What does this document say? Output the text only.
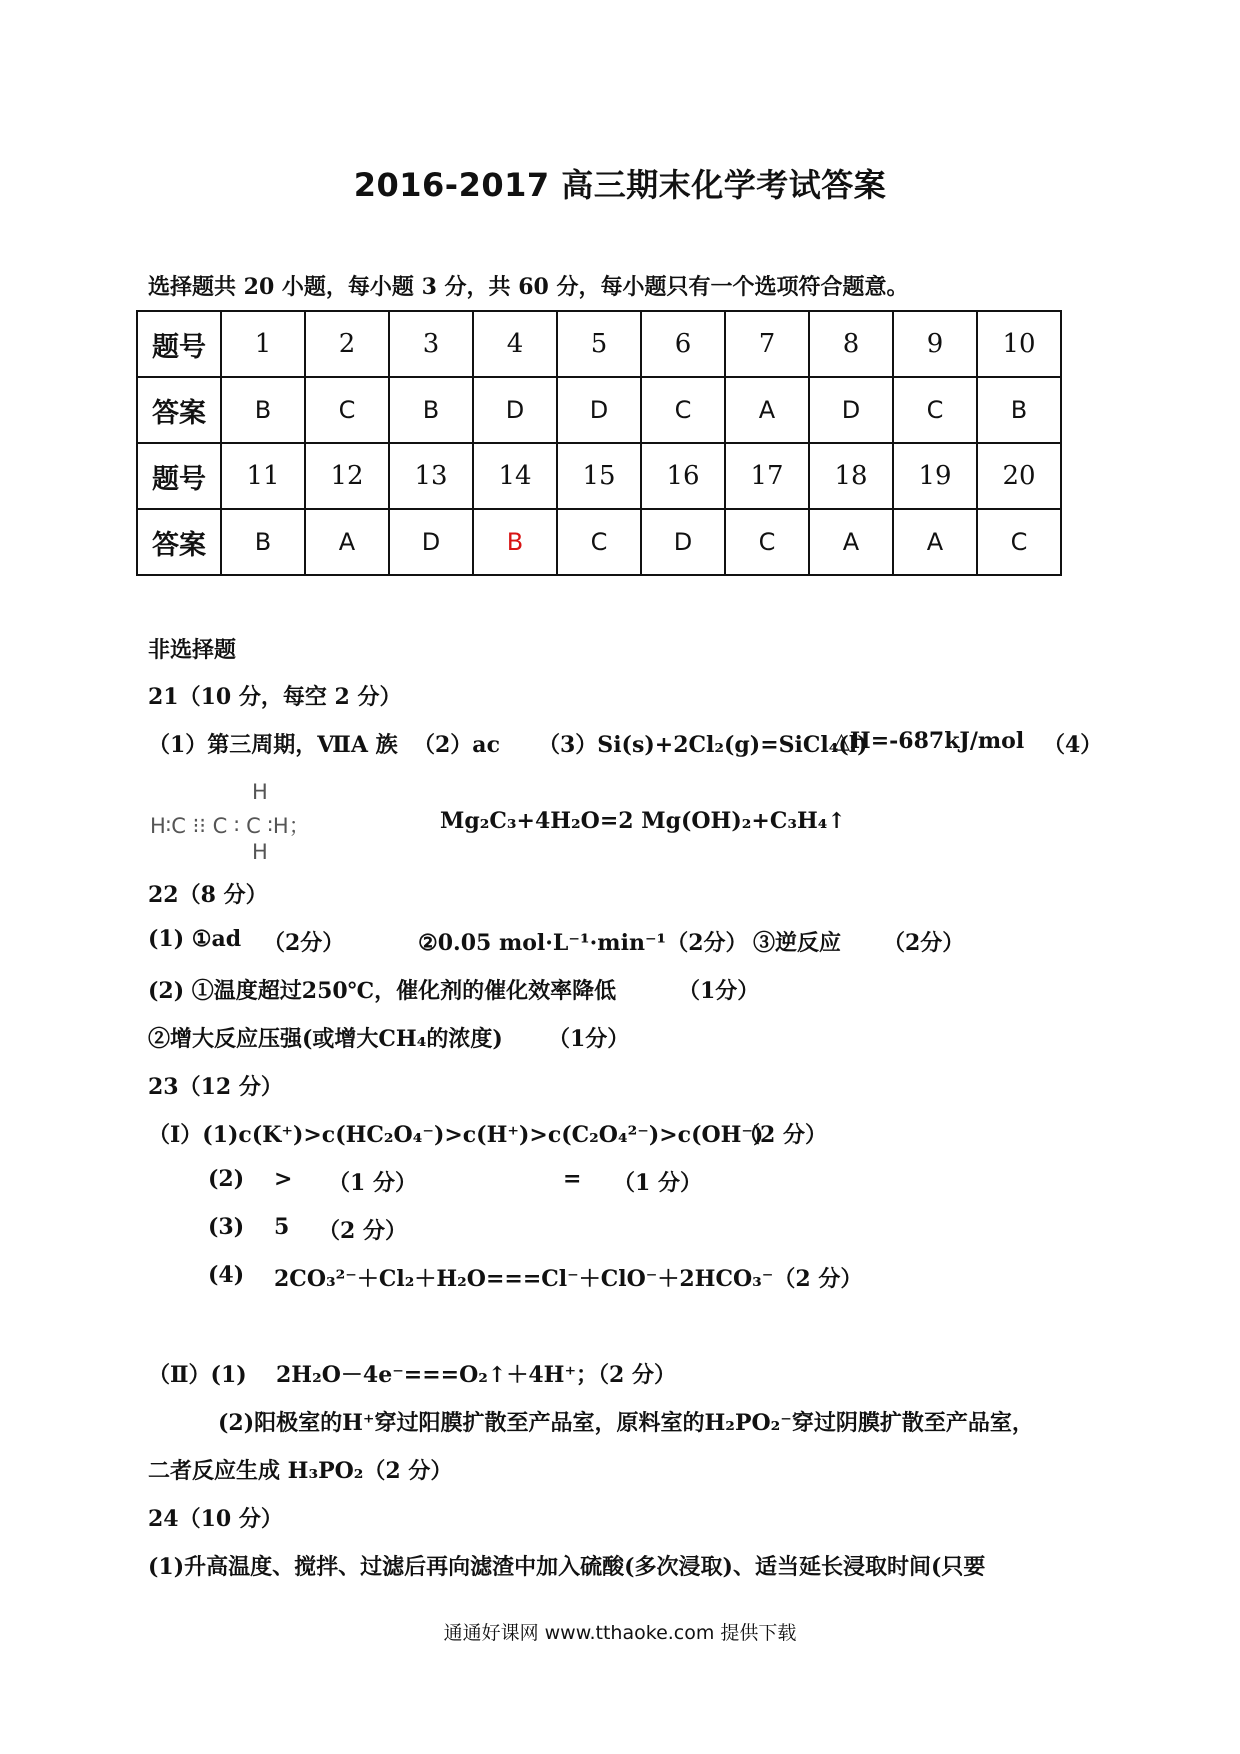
2016-2017 高三期末化学考试答案
选择题共 20 小题，每小题 3 分，共 60 分，每小题只有一个选项符合题意。
题号	1	2	3	4	5	6	7	8	9	10
答案	B	C	B	D	D	C	A	D	C	B
题号	11	12	13	14	15	16	17	18	19	20
答案	B	A	D	B	C	D	C	A	A	C
非选择题
21（10 分，每空 2 分）
（1）第三周期，ⅦA 族 （2）ac （3）Si(s)+2Cl₂(g)=SiCl₄(l)
△H=-687kJ/mol （4）
H
H∶C ⁝⁝ C ∶ C ∶H；
H
Mg₂C₃+4H₂O=2 Mg(OH)₂+C₃H₄↑
22（8 分）
(1) ①ad （2分）	②0.05 mol·L⁻¹·min⁻¹（2分） ③逆反应 （2分）
(2) ①温度超过250℃，催化剂的催化效率降低	（1分）
②增大反应压强(或增大CH₄的浓度) （1分）
23（12 分）
（Ⅰ）(1)c(K⁺)>c(HC₂O₄⁻)>c(H⁺)>c(C₂O₄²⁻)>c(OH⁻)
（2 分）
(2) > （1 分）	= （1 分）
(3) 5 （2 分）
(4) 2CO₃²⁻＋Cl₂＋H₂O===Cl⁻＋ClO⁻＋2HCO₃⁻（2 分）
（Ⅱ）(1) 2H₂O－4e⁻===O₂↑＋4H⁺；（2 分）
(2)阳极室的H⁺穿过阳膜扩散至产品室，原料室的H₂PO₂⁻穿过阴膜扩散至产品室，
二者反应生成 H₃PO₂（2 分）
24（10 分）
(1)升高温度、搅拌、过滤后再向滤渣中加入硫酸(多次浸取)、适当延长浸取时间(只要
通通好课网 www.tthaoke.com 提供下载
